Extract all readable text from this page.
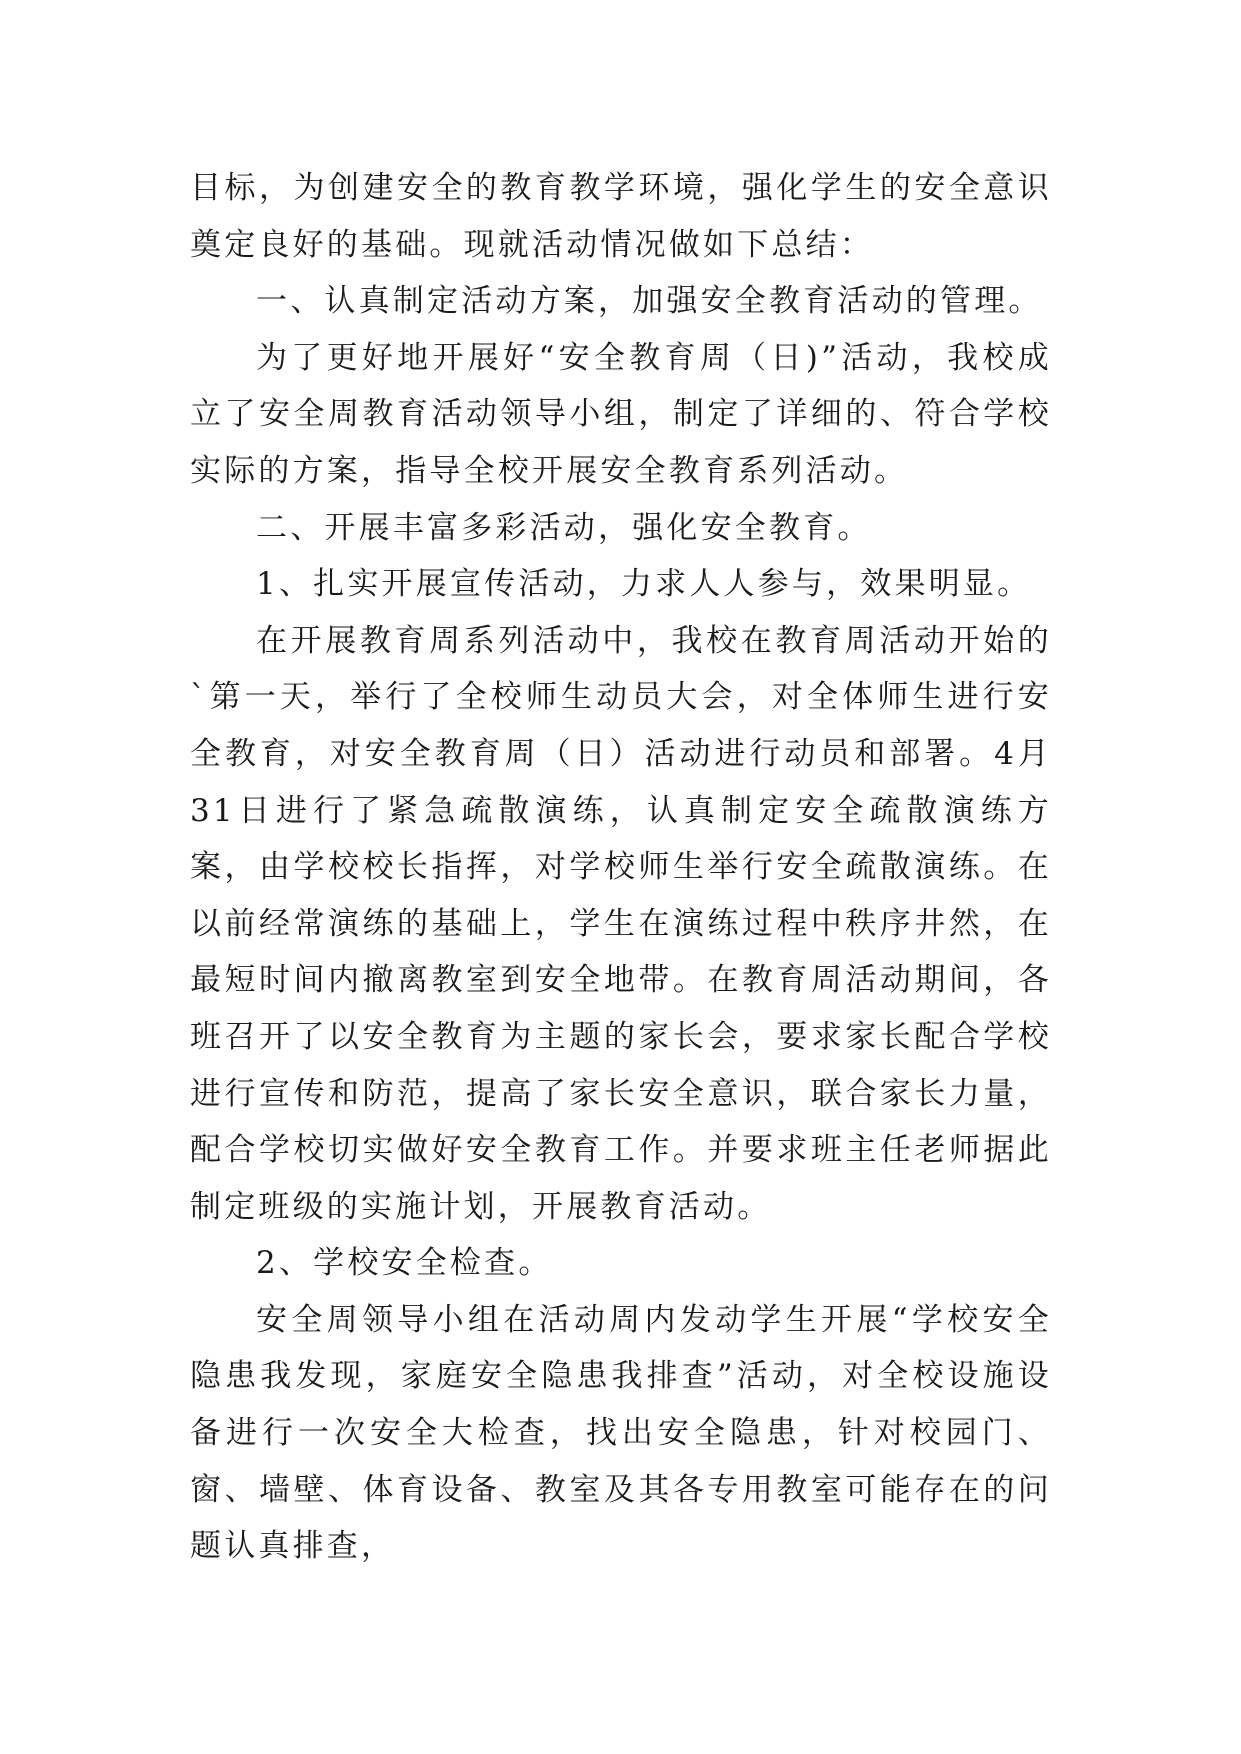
目标，为创建安全的教育教学环境，强化学生的安全意识奠定良好的基础。现就活动情况做如下总结：

一、认真制定活动方案，加强安全教育活动的管理。

为了更好地开展好“安全教育周（日)”活动，我校成立了安全周教育活动领导小组，制定了详细的、符合学校实际的方案，指导全校开展安全教育系列活动。

二、开展丰富多彩活动，强化安全教育。

1、扎实开展宣传活动，力求人人参与，效果明显。

在开展教育周系列活动中，我校在教育周活动开始的`第一天，举行了全校师生动员大会，对全体师生进行安全教育，对安全教育周（日）活动进行动员和部署。4月31日进行了紧急疏散演练，认真制定安全疏散演练方案，由学校校长指挥，对学校师生举行安全疏散演练。在以前经常演练的基础上，学生在演练过程中秩序井然，在最短时间内撤离教室到安全地带。在教育周活动期间，各班召开了以安全教育为主题的家长会，要求家长配合学校进行宣传和防范，提高了家长安全意识，联合家长力量，配合学校切实做好安全教育工作。并要求班主任老师据此制定班级的实施计划，开展教育活动。

2、学校安全检查。

安全周领导小组在活动周内发动学生开展“学校安全隐患我发现，家庭安全隐患我排查”活动，对全校设施设备进行一次安全大检查，找出安全隐患，针对校园门、窗、墙壁、体育设备、教室及其各专用教室可能存在的问题认真排查，
